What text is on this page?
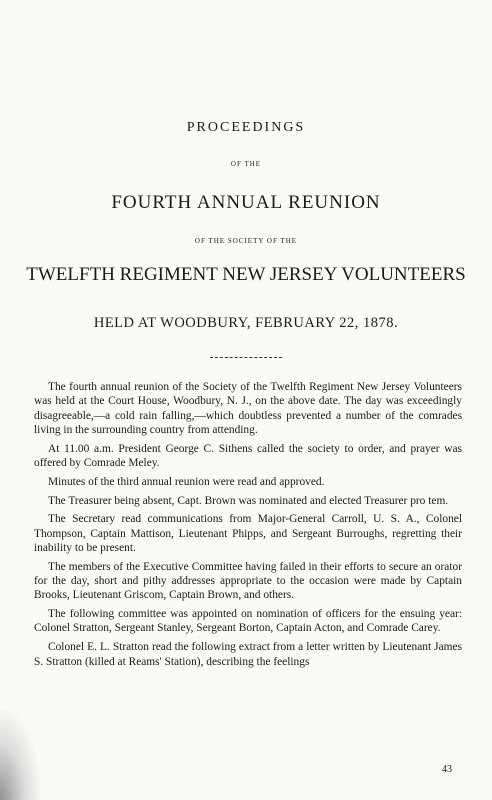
PROCEEDINGS
OF THE
FOURTH ANNUAL REUNION
OF THE SOCIETY OF THE
TWELFTH REGIMENT NEW JERSEY VOLUNTEERS
HELD AT WOODBURY, FEBRUARY 22, 1878.

The fourth annual reunion of the Society of the Twelfth Regiment New Jersey Volunteers was held at the Court House, Woodbury, N. J., on the above date. The day was exceedingly disagreeable,—a cold rain falling,—which doubtless prevented a number of the comrades living in the surrounding country from attending.

At 11.00 a.m. President George C. Sithens called the society to order, and prayer was offered by Comrade Meley.

Minutes of the third annual reunion were read and approved.

The Treasurer being absent, Capt. Brown was nominated and elected Treasurer pro tem.

The Secretary read communications from Major-General Carroll, U. S. A., Colonel Thompson, Captain Mattison, Lieutenant Phipps, and Sergeant Burroughs, regretting their inability to be present.

The members of the Executive Committee having failed in their efforts to secure an orator for the day, short and pithy addresses appropriate to the occasion were made by Captain Brooks, Lieutenant Griscom, Captain Brown, and others.

The following committee was appointed on nomination of officers for the ensuing year: Colonel Stratton, Sergeant Stanley, Sergeant Borton, Captain Acton, and Comrade Carey.

Colonel E. L. Stratton read the following extract from a letter written by Lieutenant James S. Stratton (killed at Reams' Station), describing the feelings

43
